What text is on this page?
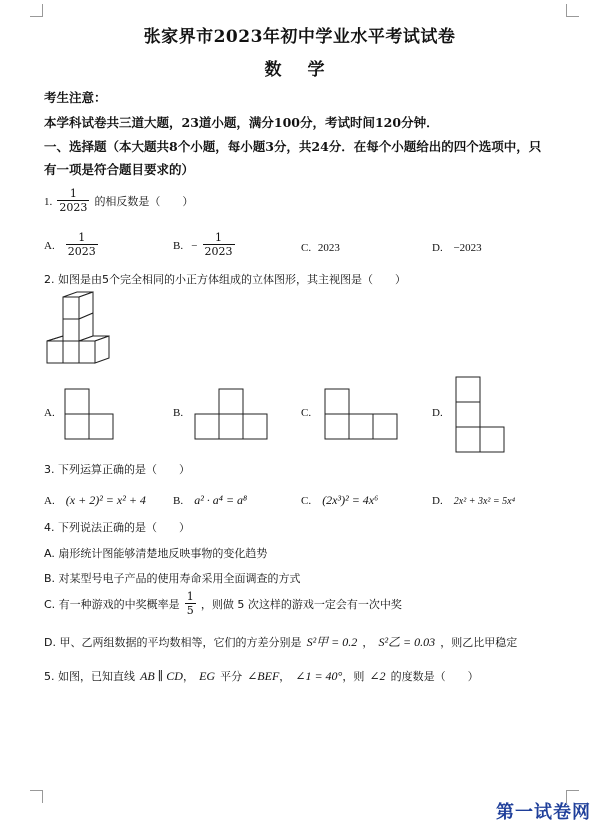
张家界市2023年初中学业水平考试试卷
数 学
考生注意：
本学科试卷共三道大题，23道小题，满分100分，考试时间120分钟．
一、选择题（本大题共8个小题，每小题3分，共24分．在每个小题给出的四个选项中，只
有一项是符合题目要求的）
1. $\frac{1}{2023}$ 的相反数是（　　）
A. $\frac{1}{2023}$	B. − $\frac{1}{2023}$	C. 2023	D. −2023
2. 如图是由5个完全相同的小正方体组成的立体图形，其主视图是（　　）
A.	B.	C.	D.
3. 下列运算正确的是（　　）
A. (x + 2)² = x² + 4 B. a² · a⁴ = a⁸	C. (2x³)² = 4x⁶	D. 2x² + 3x² = 5x⁴
4. 下列说法正确的是（　　）
A. 扇形统计图能够清楚地反映事物的变化趋势
B. 对某型号电子产品的使用寿命采用全面调查的方式
C. 有一种游戏的中奖概率是 $\frac{1}{5}$ ，则做 5 次这样的游戏一定会有一次中奖
D. 甲、乙两组数据的平均数相等，它们的方差分别是 S²甲 = 0.2 ， S²乙 = 0.03 ，则乙比甲稳定
5. 如图，已知直线 AB ∥ CD， EG 平分 ∠BEF， ∠1 = 40°，则 ∠2 的度数是（　　）
第一试卷网
